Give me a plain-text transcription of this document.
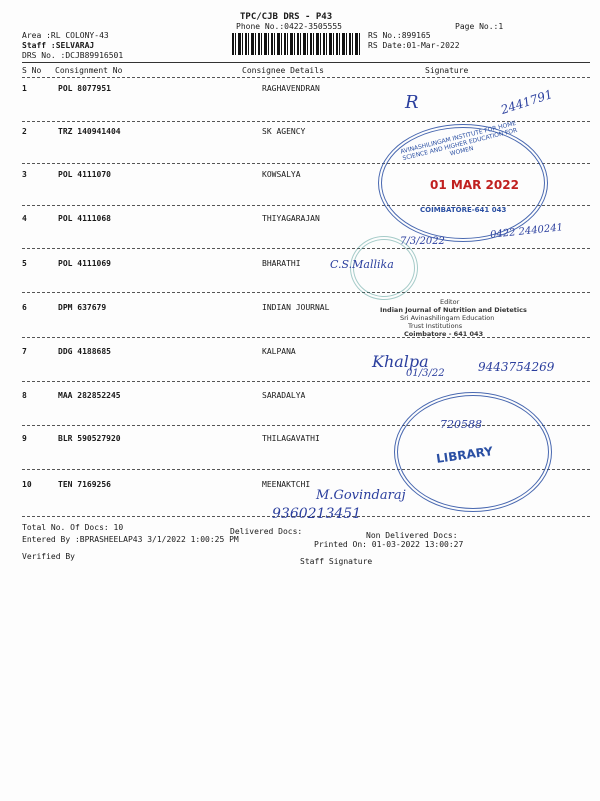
TPC/CJB DRS - P43
Phone No.:0422-3505555
Area :RL COLONY-43
Staff :SELVARAJ
DRS No. :DCJB89916501
RS No.:899165
Page No.:1
RS Date:01-Mar-2022
S No Consignment No	Consignee Details	Signature
1	POL 8077951	RAGHAVENDRAN
2	TRZ 140941404	SK AGENCY
3	POL 4111070	KOWSALYA
4	POL 4111068	THIYAGARAJAN
5	POL 4111069	BHARATHI
6	DPM 637679	INDIAN JOURNAL
7	DDG 4188685	KALPANA
8	MAA 282852245	SARADALYA
9	BLR 590527920	THILAGAVATHI
10	TEN 7169256	MEENAKTCHI
Total No. Of Docs: 10	Delivered Docs:	Non Delivered Docs:
Entered By :BPRASHEELAP43 3/1/2022 1:00:25 PM
Printed On: 01-03-2022 13:00:27
Verified By
Staff Signature
R	2441791
AVINASHILINGAM INSTITUTE FOR HOME SCIENCE AND HIGHER EDUCATION FOR WOMEN
COIMBATORE-641 043
01 MAR 2022
7/3/2022
0422 2440241
C.S.Mallika
Editor
Indian Journal of Nutrition and Dietetics
Sri Avinashilingam Education
Trust Institutions
Coimbatore - 641 043
Khalpa
01/3/22	9443754269
720588
LIBRARY
M.Govindaraj
9360213451
